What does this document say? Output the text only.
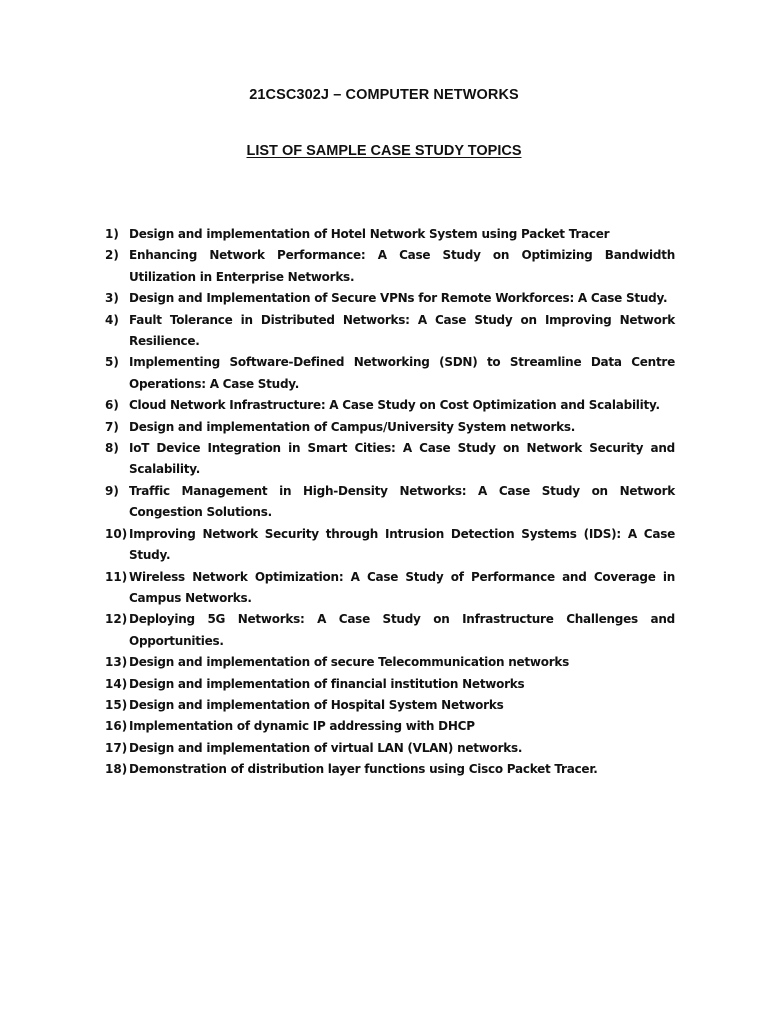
21CSC302J – COMPUTER NETWORKS
LIST OF SAMPLE CASE STUDY TOPICS
1) Design and implementation of Hotel Network System using Packet Tracer
2) Enhancing Network Performance: A Case Study on Optimizing Bandwidth Utilization in Enterprise Networks.
3) Design and Implementation of Secure VPNs for Remote Workforces: A Case Study.
4) Fault Tolerance in Distributed Networks: A Case Study on Improving Network Resilience.
5) Implementing Software-Defined Networking (SDN) to Streamline Data Centre Operations: A Case Study.
6) Cloud Network Infrastructure: A Case Study on Cost Optimization and Scalability.
7) Design and implementation of Campus/University System networks.
8) IoT Device Integration in Smart Cities: A Case Study on Network Security and Scalability.
9) Traffic Management in High-Density Networks: A Case Study on Network Congestion Solutions.
10) Improving Network Security through Intrusion Detection Systems (IDS): A Case Study.
11) Wireless Network Optimization: A Case Study of Performance and Coverage in Campus Networks.
12) Deploying 5G Networks: A Case Study on Infrastructure Challenges and Opportunities.
13) Design and implementation of secure Telecommunication networks
14) Design and implementation of financial institution Networks
15) Design and implementation of Hospital System Networks
16) Implementation of dynamic IP addressing with DHCP
17) Design and implementation of virtual LAN (VLAN) networks.
18) Demonstration of distribution layer functions using Cisco Packet Tracer.
